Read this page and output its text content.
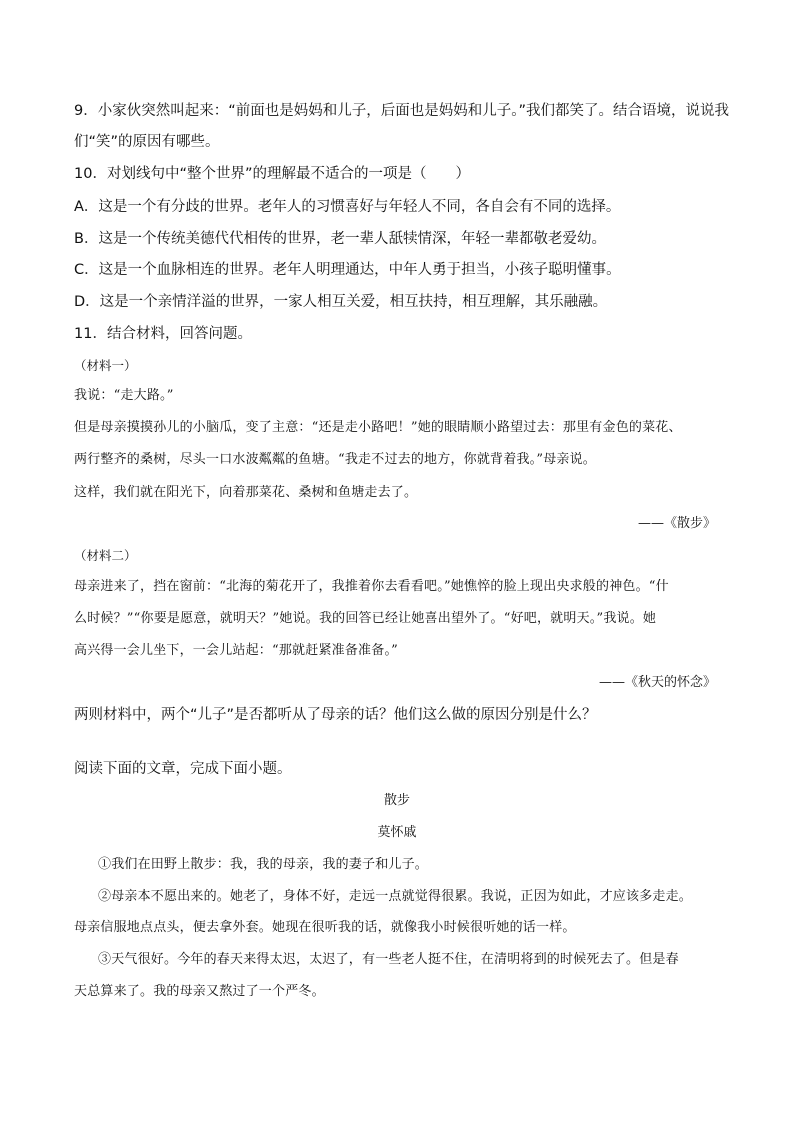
9．小家伙突然叫起来：“前面也是妈妈和儿子，后面也是妈妈和儿子。”我们都笑了。结合语境，说说我
们“笑”的原因有哪些。
10．对划线句中“整个世界”的理解最不适合的一项是（　　）
A．这是一个有分歧的世界。老年人的习惯喜好与年轻人不同，各自会有不同的选择。
B．这是一个传统美德代代相传的世界，老一辈人舐犊情深，年轻一辈都敬老爱幼。
C．这是一个血脉相连的世界。老年人明理通达，中年人勇于担当，小孩子聪明懂事。
D．这是一个亲情洋溢的世界，一家人相互关爱，相互扶持，相互理解，其乐融融。
11．结合材料，回答问题。
（材料一）
我说：“走大路。”
但是母亲摸摸孙儿的小脑瓜，变了主意：“还是走小路吧！”她的眼睛顺小路望过去：那里有金色的菜花、
两行整齐的桑树，尽头一口水波粼粼的鱼塘。“我走不过去的地方，你就背着我。”母亲说。
这样，我们就在阳光下，向着那菜花、桑树和鱼塘走去了。
——《散步》
（材料二）
母亲进来了，挡在窗前：“北海的菊花开了，我推着你去看看吧。”她憔悴的脸上现出央求般的神色。“什
么时候？”“你要是愿意，就明天？”她说。我的回答已经让她喜出望外了。“好吧，就明天。”我说。她
高兴得一会儿坐下，一会儿站起：“那就赶紧准备准备。”
——《秋天的怀念》
两则材料中，两个“儿子”是否都听从了母亲的话？他们这么做的原因分别是什么？
阅读下面的文章，完成下面小题。
散步
莫怀戚
①我们在田野上散步：我，我的母亲，我的妻子和儿子。
②母亲本不愿出来的。她老了，身体不好，走远一点就觉得很累。我说，正因为如此，才应该多走走。
母亲信服地点点头，便去拿外套。她现在很听我的话，就像我小时候很听她的话一样。
③天气很好。今年的春天来得太迟，太迟了，有一些老人挺不住，在清明将到的时候死去了。但是春
天总算来了。我的母亲又熬过了一个严冬。
